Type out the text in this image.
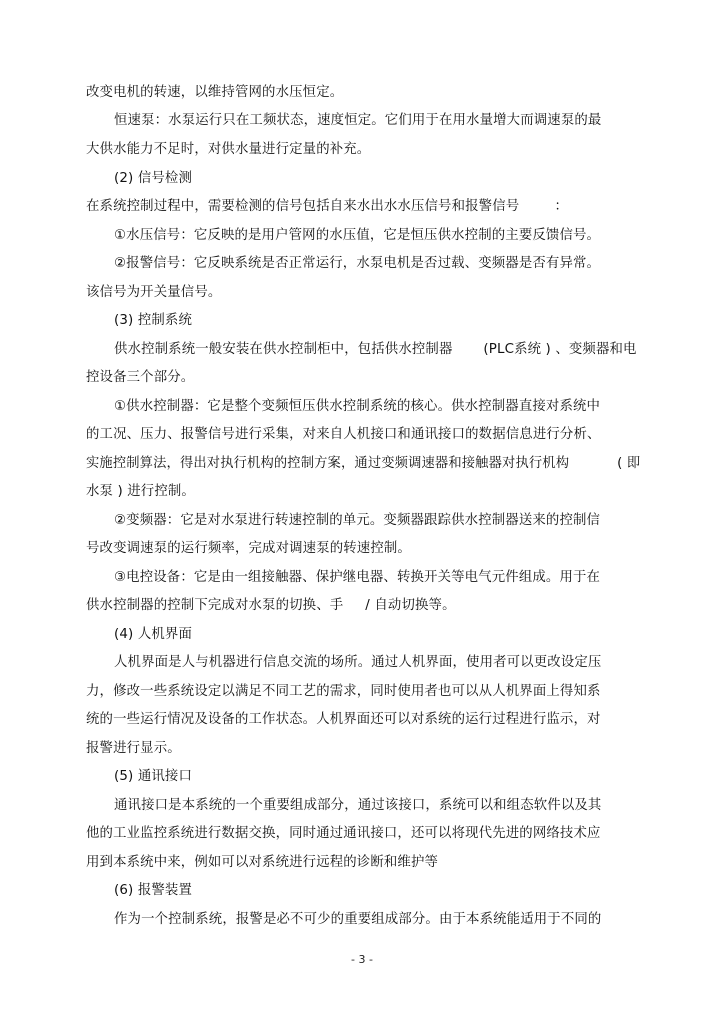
改变电机的转速，以维持管网的水压恒定。
恒速泵：水泵运行只在工频状态，速度恒定。它们用于在用水量增大而调速泵的最
大供水能力不足时，对供水量进行定量的补充。
(2) 信号检测
在系统控制过程中，需要检测的信号包括自来水出水水压信号和报警信号        ：
①水压信号：它反映的是用户管网的水压值，它是恒压供水控制的主要反馈信号。
②报警信号：它反映系统是否正常运行，水泵电机是否过载、变频器是否有异常。
该信号为开关量信号。
(3) 控制系统
供水控制系统一般安装在供水控制柜中，包括供水控制器       (PLC系统 ) 、变频器和电
控设备三个部分。
①供水控制器：它是整个变频恒压供水控制系统的核心。供水控制器直接对系统中
的工况、压力、报警信号进行采集，对来自人机接口和通讯接口的数据信息进行分析、
实施控制算法，得出对执行机构的控制方案，通过变频调速器和接触器对执行机构           ( 即
水泵 ) 进行控制。
②变频器：它是对水泵进行转速控制的单元。变频器跟踪供水控制器送来的控制信
号改变调速泵的运行频率，完成对调速泵的转速控制。
③电控设备：它是由一组接触器、保护继电器、转换开关等电气元件组成。用于在
供水控制器的控制下完成对水泵的切换、手     / 自动切换等。
(4) 人机界面
人机界面是人与机器进行信息交流的场所。通过人机界面，使用者可以更改设定压
力，修改一些系统设定以满足不同工艺的需求，同时使用者也可以从人机界面上得知系
统的一些运行情况及设备的工作状态。人机界面还可以对系统的运行过程进行监示，对
报警进行显示。
(5) 通讯接口
通讯接口是本系统的一个重要组成部分，通过该接口，系统可以和组态软件以及其
他的工业监控系统进行数据交换，同时通过通讯接口，还可以将现代先进的网络技术应
用到本系统中来，例如可以对系统进行远程的诊断和维护等
(6) 报警装置
作为一个控制系统，报警是必不可少的重要组成部分。由于本系统能适用于不同的
- 3 -
